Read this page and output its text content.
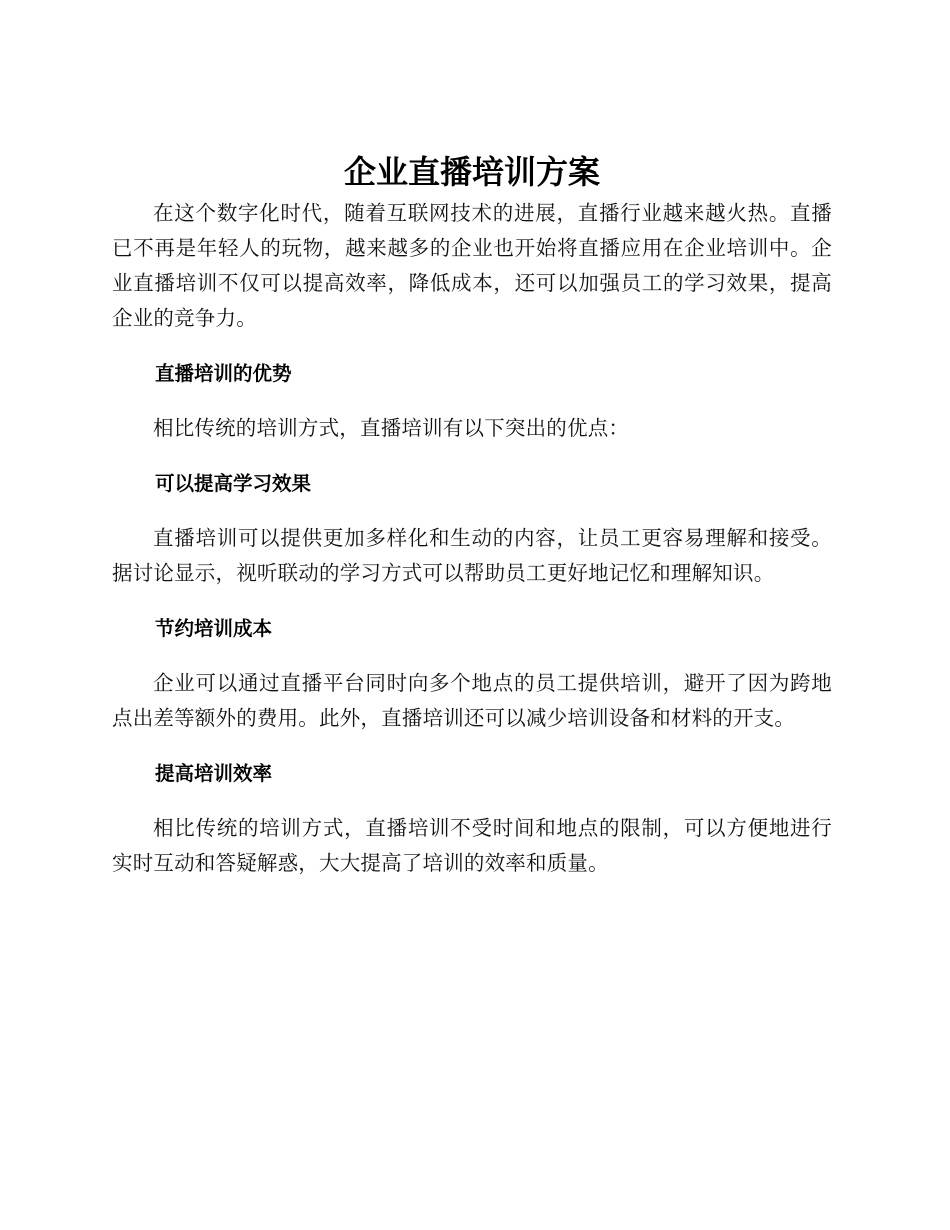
企业直播培训方案

在这个数字化时代，随着互联网技术的进展，直播行业越来越火热。直播已不再是年轻人的玩物，越来越多的企业也开始将直播应用在企业培训中。企业直播培训不仅可以提高效率，降低成本，还可以加强员工的学习效果，提高企业的竞争力。

直播培训的优势

相比传统的培训方式，直播培训有以下突出的优点：

可以提高学习效果

直播培训可以提供更加多样化和生动的内容，让员工更容易理解和接受。据讨论显示，视听联动的学习方式可以帮助员工更好地记忆和理解知识。

节约培训成本

企业可以通过直播平台同时向多个地点的员工提供培训，避开了因为跨地点出差等额外的费用。此外，直播培训还可以减少培训设备和材料的开支。

提高培训效率

相比传统的培训方式，直播培训不受时间和地点的限制，可以方便地进行实时互动和答疑解惑，大大提高了培训的效率和质量。
